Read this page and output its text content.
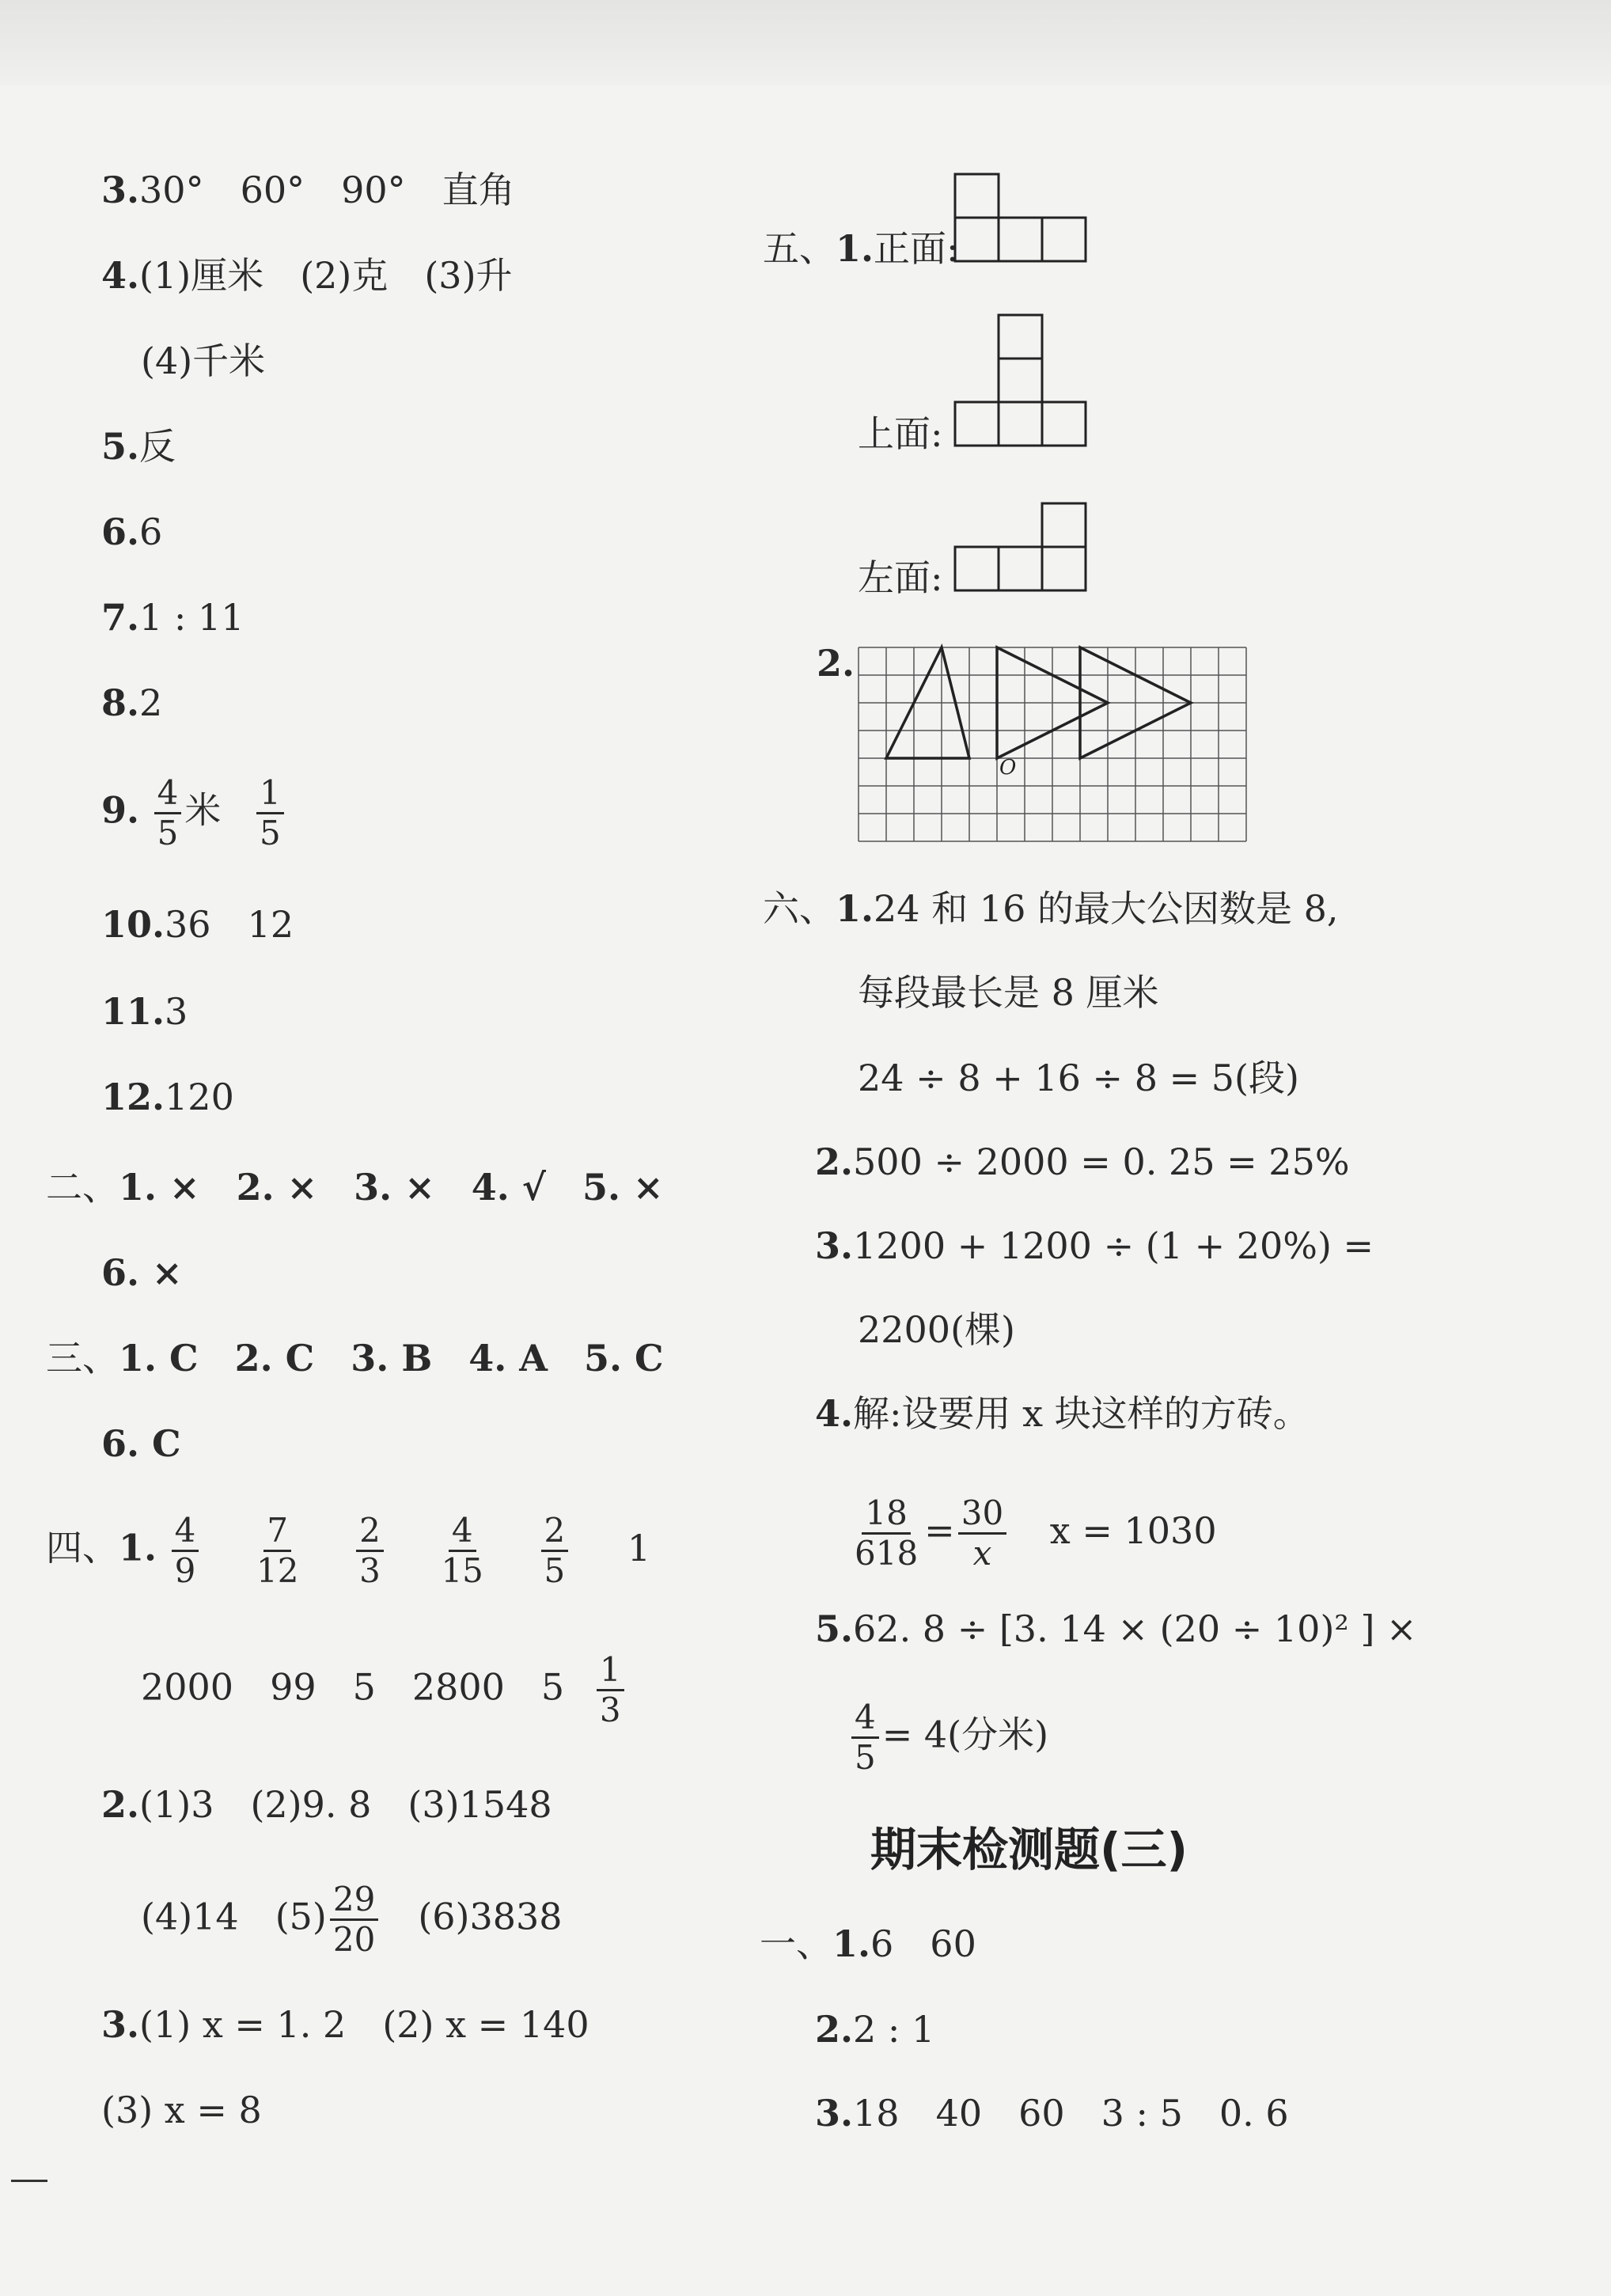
3.30°　60°　90°　直角
4.(1)厘米　(2)克　(3)升
(4)千米
5.反
6.6
7.1 : 11
8.2
9. $\frac{4}{5}$ 米 $\frac{1}{5}$
10.36　12
11.3
12.120
二、1. ×　2. ×　3. ×　4. √　5. ×
6. ×
三、1. C　2. C　3. B　4. A　5. C
6. C
四、1. $\frac{4}{9}$
$\frac{7}{12}$
$\frac{2}{3}$
$\frac{4}{15}$
$\frac{2}{5} 1$
2000　99　5　2800　$5 \frac{1}{3}$
2.(1)3　(2)9. 8　(3)1548
(4)14　$(5) \frac{29}{20}$ 　(6)3838
3.(1) x = 1. 2　(2) x = 140
(3) x = 8
五、1.正面:
上面:
左面:
2.
O
六、1.24 和 16 的最大公因数是 8,
每段最长是 8 厘米
24 ÷ 8 + 16 ÷ 8 = 5(段)
2.500 ÷ 2000 = 0. 25 = 25%
3.1200 + 1200 ÷ (1 + 20%) =
2200(棵)
4.解:设要用 x 块这样的方砖。
$\frac{18}{618} = \frac{30}{x}$ x = 1030
5.62. 8 ÷ [3. 14 × (20 ÷ 10)² ] ×
$\frac{4}{5} = 4$(分米)
期末检测题(三)
一、1.6　60
2.2 : 1
3.18　40　60　3 : 5　0. 6
